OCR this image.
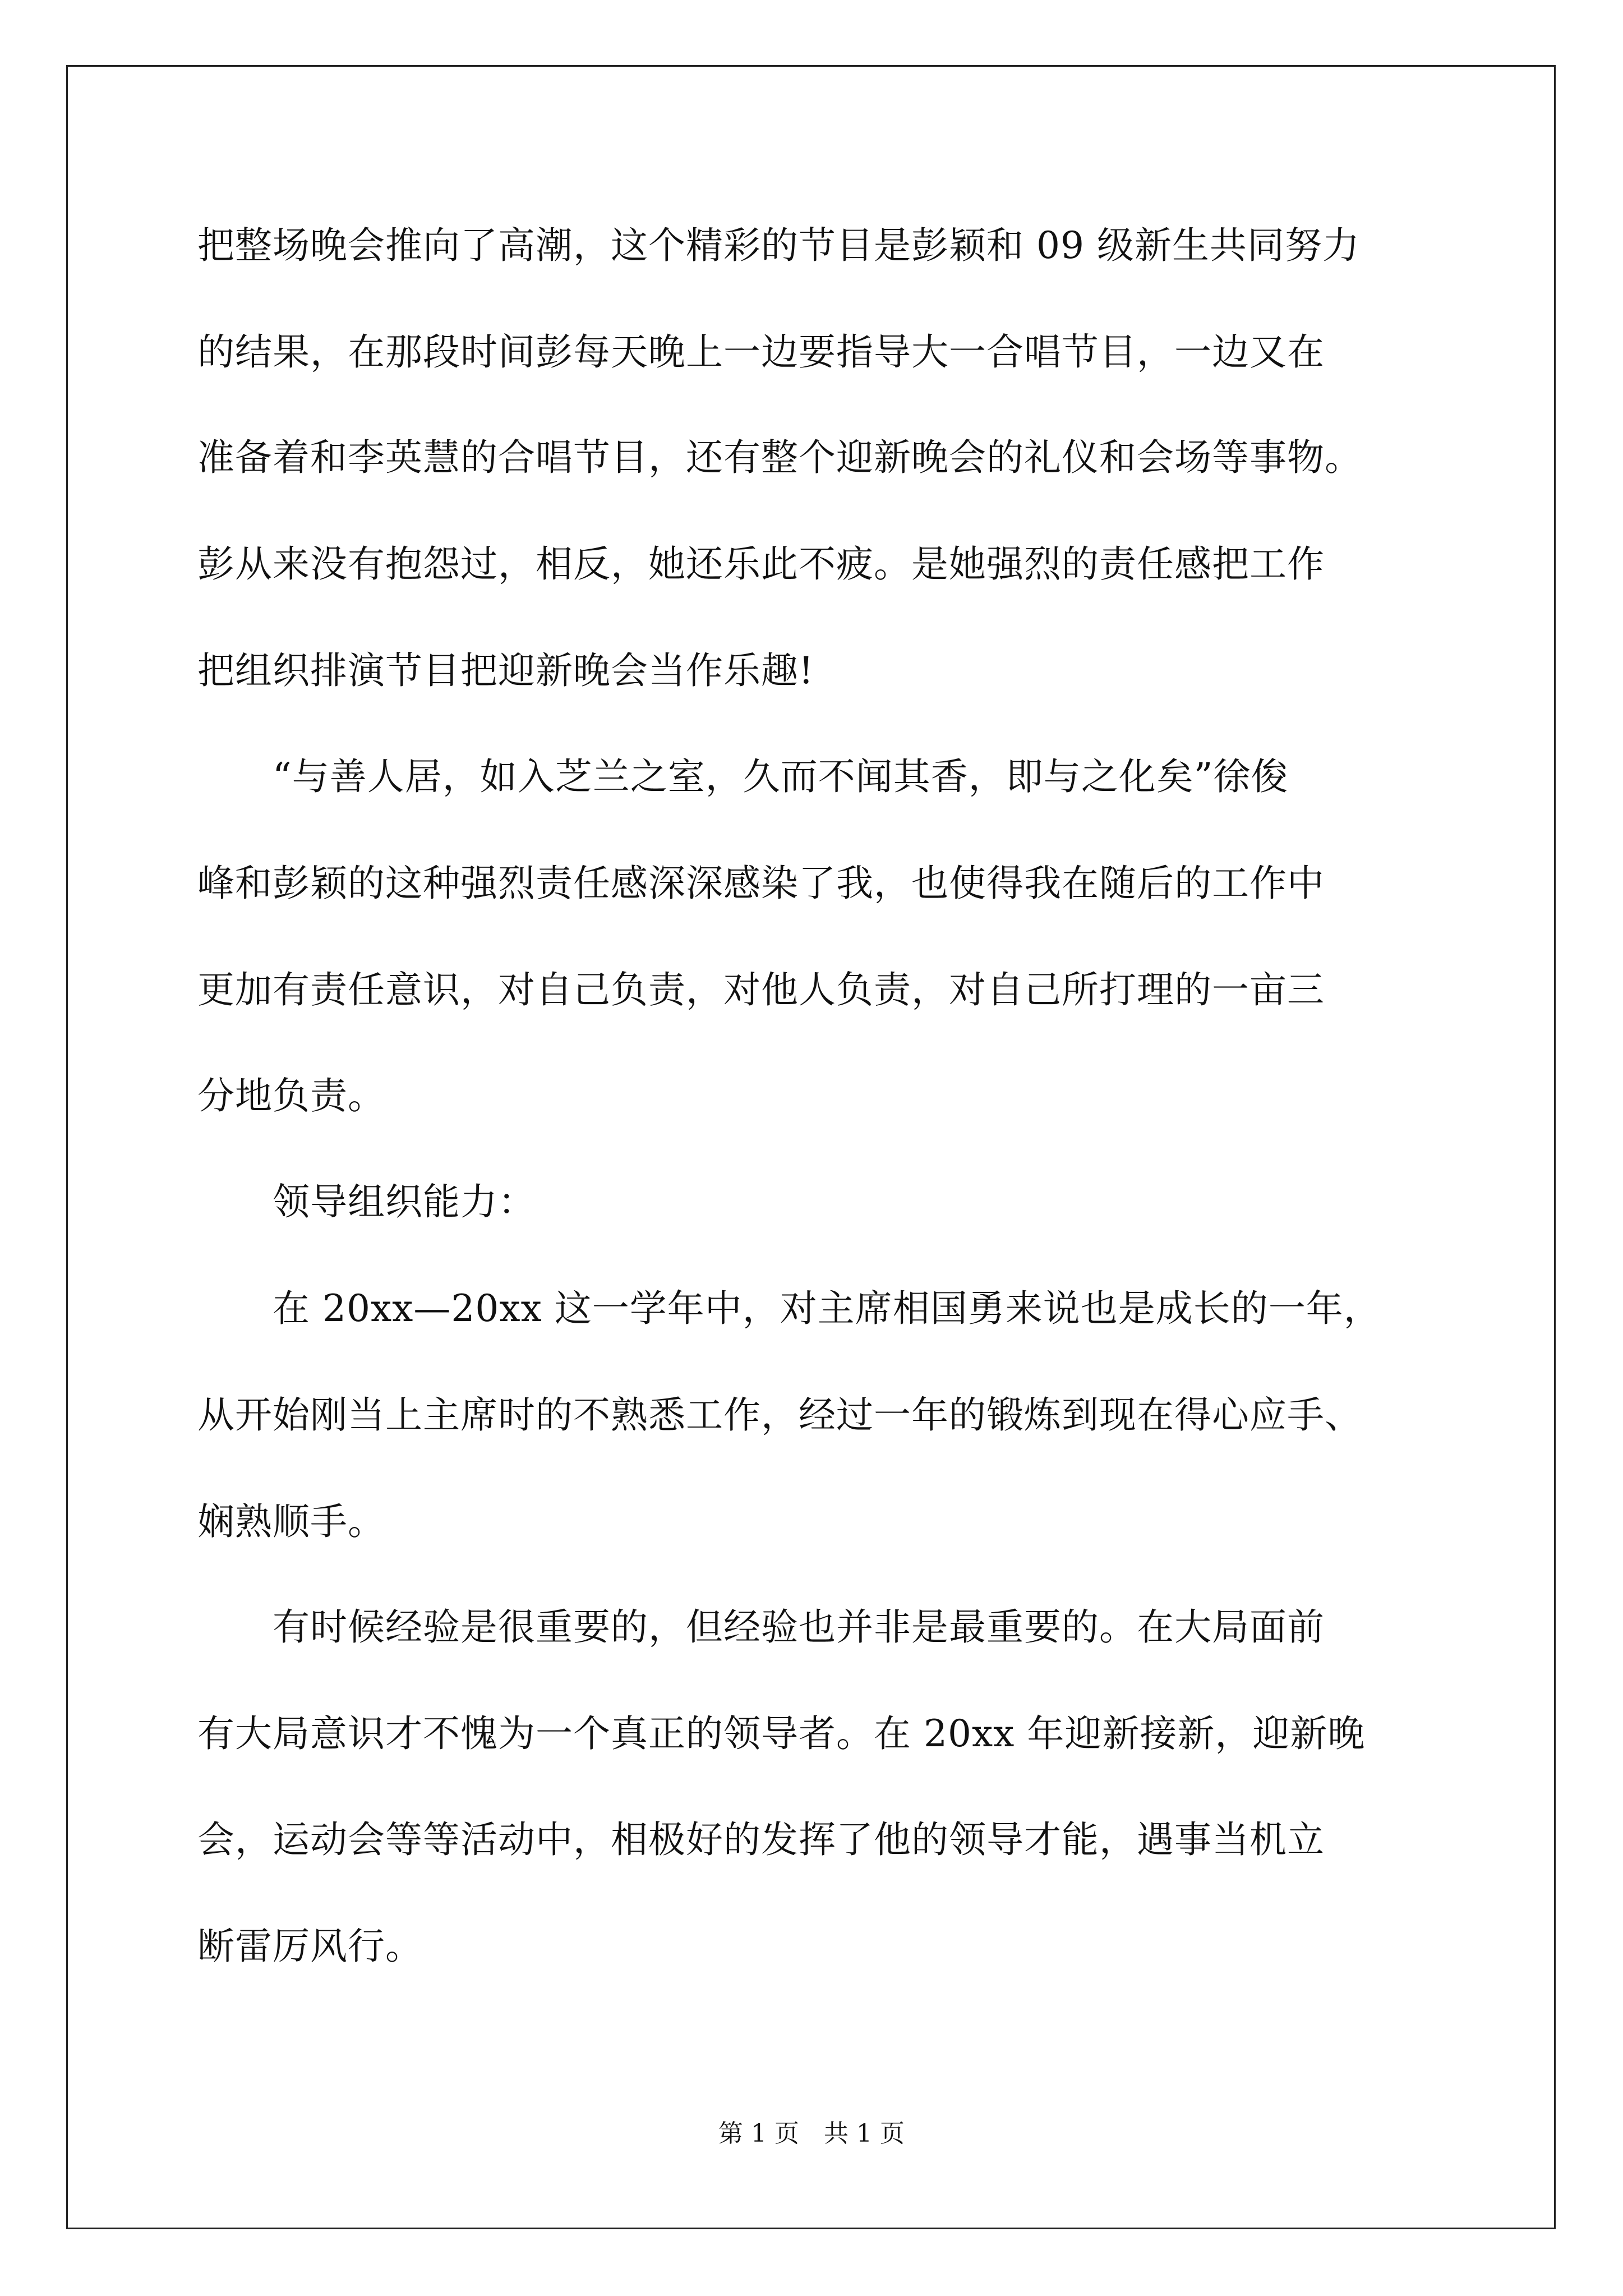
把整场晚会推向了高潮，这个精彩的节目是彭颖和 09 级新生共同努力
的结果，在那段时间彭每天晚上一边要指导大一合唱节目，一边又在
准备着和李英慧的合唱节目，还有整个迎新晚会的礼仪和会场等事物。
彭从来没有抱怨过，相反，她还乐此不疲。是她强烈的责任感把工作
把组织排演节目把迎新晚会当作乐趣!
　　“与善人居，如入芝兰之室，久而不闻其香，即与之化矣”徐俊
峰和彭颖的这种强烈责任感深深感染了我，也使得我在随后的工作中
更加有责任意识，对自己负责，对他人负责，对自己所打理的一亩三
分地负责。
　　领导组织能力：
　　在 20xx—20xx 这一学年中，对主席相国勇来说也是成长的一年，
从开始刚当上主席时的不熟悉工作，经过一年的锻炼到现在得心应手、
娴熟顺手。
　　有时候经验是很重要的，但经验也并非是最重要的。在大局面前
有大局意识才不愧为一个真正的领导者。在 20xx 年迎新接新，迎新晚
会，运动会等等活动中，相极好的发挥了他的领导才能，遇事当机立
断雷厉风行。
第 1 页　共 1 页
